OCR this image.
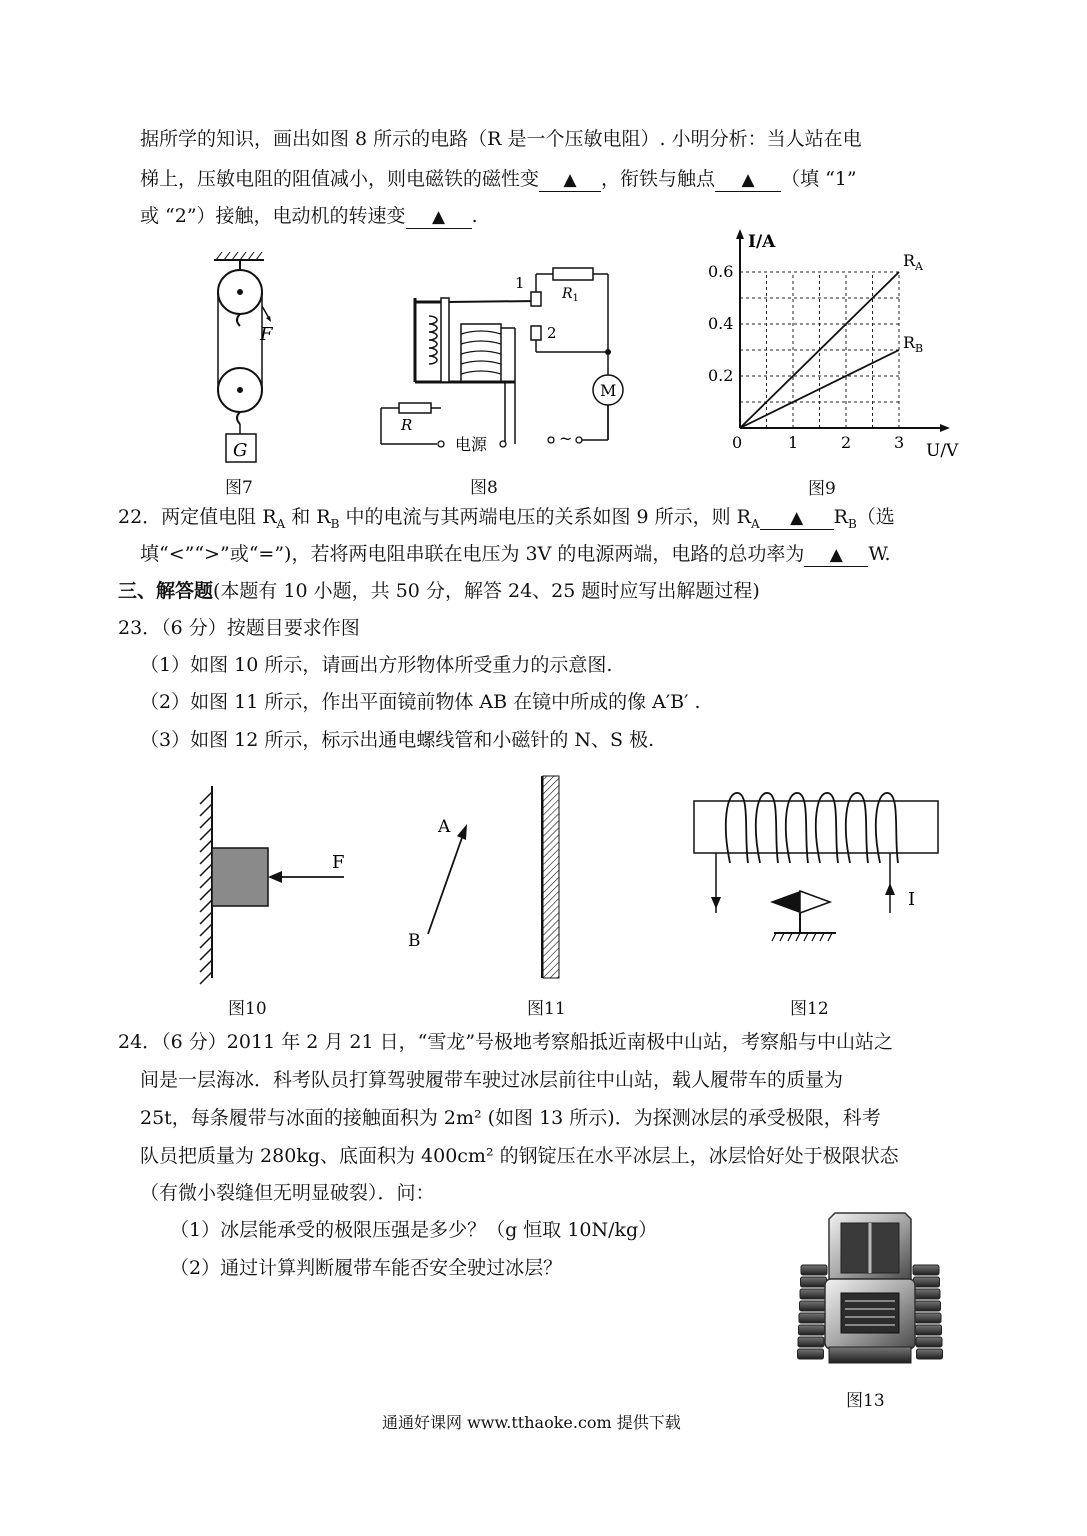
据所学的知识，画出如图 8 所示的电路（R 是一个压敏电阻）. 小明分析：当人站在电
梯上，压敏电阻的阻值减小，则电磁铁的磁性变 ▲ ，衔铁与触点 ▲ （填 “1”
或 “2”）接触，电动机的转速变 ▲ .
F
G
图7
1
2
$R_1$
M
R
电源	~
图8
I/A
U/V
0	1	2	3
0.2
0.4
0.6
$R_A$
$R_B$
图9
22．两定值电阻 $R_A$ 和 $R_B$ 中的电流与其两端电压的关系如图 9 所示，则 $R_A$ ▲ $R_B$（选
填“<”“>”或“=”)，若将两电阻串联在电压为 3V 的电源两端，电路的总功率为 ▲ W.
三、解答题(本题有 10 小题，共 50 分，解答 24、25 题时应写出解题过程)
23．（6 分）按题目要求作图
（1）如图 10 所示，请画出方形物体所受重力的示意图.
（2）如图 11 所示，作出平面镜前物体 AB 在镜中所成的像 A′B′ .
（3）如图 12 所示，标示出通电螺线管和小磁针的 N、S 极.
F
图10
A
B
图11
I
图12
24．（6 分）2011 年 2 月 21 日，“雪龙”号极地考察船抵近南极中山站，考察船与中山站之
间是一层海冰．科考队员打算驾驶履带车驶过冰层前往中山站，载人履带车的质量为
25t，每条履带与冰面的接触面积为 2m² (如图 13 所示)．为探测冰层的承受极限，科考
队员把质量为 280kg、底面积为 400cm² 的钢锭压在水平冰层上，冰层恰好处于极限状态
（有微小裂缝但无明显破裂）．问：
（1）冰层能承受的极限压强是多少？（g 恒取 10N/kg）
（2）通过计算判断履带车能否安全驶过冰层？
图13
通通好课网 www.tthaoke.com 提供下载
